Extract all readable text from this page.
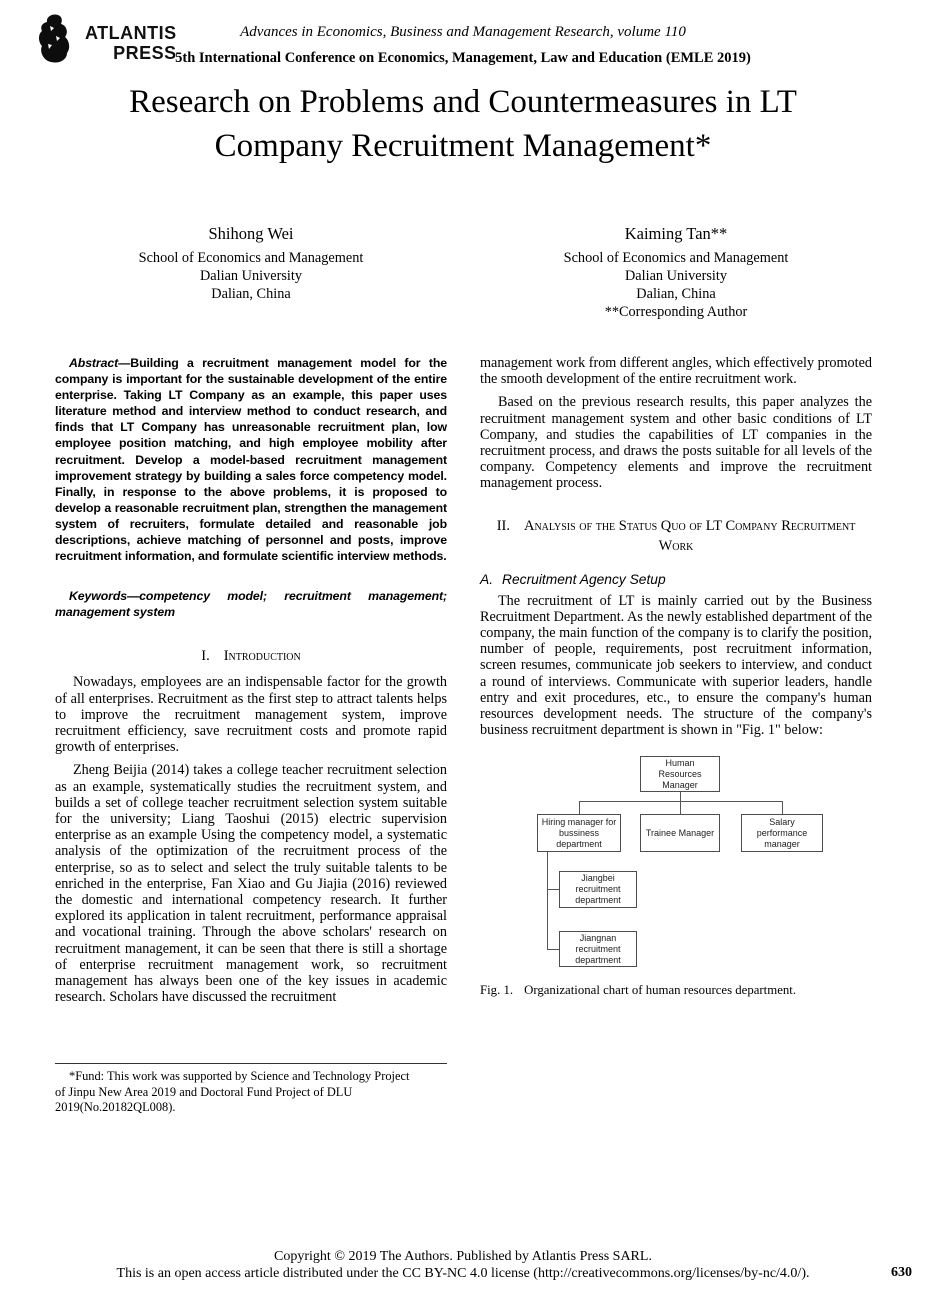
ATLANTIS
PRESS
Advances in Economics, Business and Management Research, volume 110
5th International Conference on Economics, Management, Law and Education (EMLE 2019)
Research on Problems and Countermeasures in LT
Company Recruitment Management*
Shihong Wei
School of Economics and Management
Dalian University
Dalian, China
Kaiming Tan**
School of Economics and Management
Dalian University
Dalian, China
**Corresponding Author

Abstract—Building a recruitment management model for the company is important for the sustainable development of the entire enterprise. Taking LT Company as an example, this paper uses literature method and interview method to conduct research, and finds that LT Company has unreasonable recruitment plan, low employee position matching, and high employee mobility after recruitment. Develop a model-based recruitment management improvement strategy by building a sales force competency model. Finally, in response to the above problems, it is proposed to develop a reasonable recruitment plan, strengthen the management system of recruiters, formulate detailed and reasonable job descriptions, achieve matching of personnel and posts, improve recruitment information, and formulate scientific interview methods.

Keywords—competency model; recruitment management; management system

I. Introduction

Nowadays, employees are an indispensable factor for the growth of all enterprises. Recruitment as the first step to attract talents helps to improve the recruitment management system, improve recruitment efficiency, save recruitment costs and promote rapid growth of enterprises.

Zheng Beijia (2014) takes a college teacher recruitment selection as an example, systematically studies the recruitment system, and builds a set of college teacher recruitment selection system suitable for the university; Liang Taoshui (2015) electric supervision enterprise as an example Using the competency model, a systematic analysis of the optimization of the recruitment process of the enterprise, so as to select and select the truly suitable talents to be enriched in the enterprise, Fan Xiao and Gu Jiajia (2016) reviewed the domestic and international competency research. It further explored its application in talent recruitment, performance appraisal and vocational training. Through the above scholars' research on recruitment management, it can be seen that there is still a shortage of enterprise recruitment management work, so recruitment management has always been one of the key issues in academic research. Scholars have discussed the recruitment

management work from different angles, which effectively promoted the smooth development of the entire recruitment work.

Based on the previous research results, this paper analyzes the recruitment management system and other basic conditions of LT Company, and studies the capabilities of LT companies in the recruitment process, and draws the posts suitable for all levels of the company. Competency elements and improve the recruitment management process.

II. Analysis of the Status Quo of LT Company Recruitment Work
A. Recruitment Agency Setup

The recruitment of LT is mainly carried out by the Business Recruitment Department. As the newly established department of the company, the main function of the company is to clarify the position, number of people, requirements, post recruitment information, screen resumes, communicate job seekers to interview, and conduct a round of interviews. Communicate with superior leaders, handle entry and exit procedures, etc., to ensure the company's human resources development needs. The structure of the company's business recruitment department is shown in "Fig. 1" below:

Human Resources Manager
Hiring manager for bussiness department
Trainee Manager
Salary performance manager
Jiangbei recruitment department
Jiangnan recruitment department
Fig. 1. Organizational chart of human resources department.
*Fund: This work was supported by Science and Technology Project
of Jinpu New Area 2019 and Doctoral Fund Project of DLU
2019(No.20182QL008).
Copyright © 2019 The Authors. Published by Atlantis Press SARL.
This is an open access article distributed under the CC BY-NC 4.0 license (http://creativecommons.org/licenses/by-nc/4.0/).	630
